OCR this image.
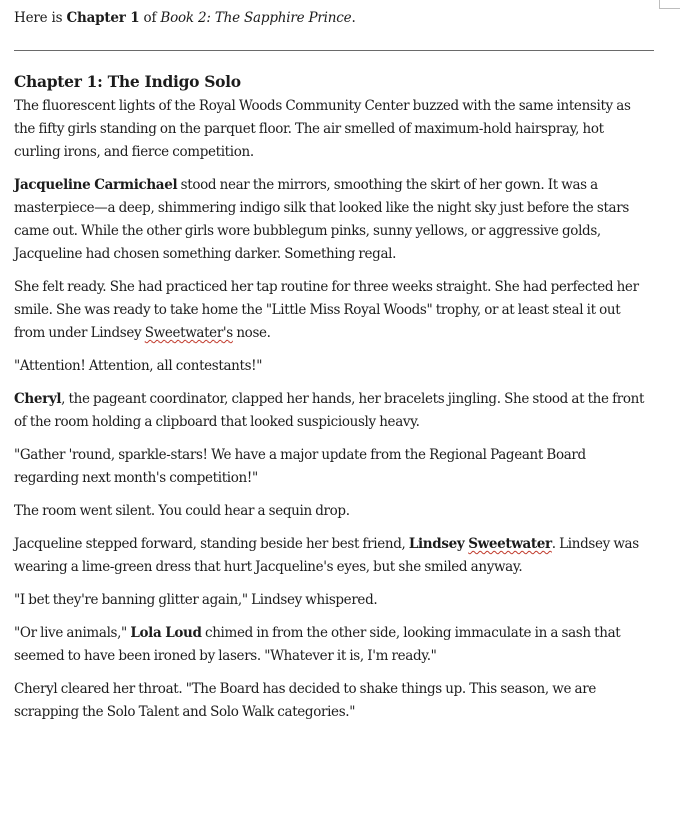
Here is Chapter 1 of Book 2: The Sapphire Prince.

Chapter 1: The Indigo Solo

The fluorescent lights of the Royal Woods Community Center buzzed with the same intensity as the fifty girls standing on the parquet floor. The air smelled of maximum-hold hairspray, hot curling irons, and fierce competition.

Jacqueline Carmichael stood near the mirrors, smoothing the skirt of her gown. It was a masterpiece—a deep, shimmering indigo silk that looked like the night sky just before the stars came out. While the other girls wore bubblegum pinks, sunny yellows, or aggressive golds, Jacqueline had chosen something darker. Something regal.

She felt ready. She had practiced her tap routine for three weeks straight. She had perfected her smile. She was ready to take home the "Little Miss Royal Woods" trophy, or at least steal it out from under Lindsey Sweetwater's nose.

"Attention! Attention, all contestants!"

Cheryl, the pageant coordinator, clapped her hands, her bracelets jingling. She stood at the front of the room holding a clipboard that looked suspiciously heavy.

"Gather 'round, sparkle-stars! We have a major update from the Regional Pageant Board regarding next month's competition!"

The room went silent. You could hear a sequin drop.

Jacqueline stepped forward, standing beside her best friend, Lindsey Sweetwater. Lindsey was wearing a lime-green dress that hurt Jacqueline's eyes, but she smiled anyway.

"I bet they're banning glitter again," Lindsey whispered.

"Or live animals," Lola Loud chimed in from the other side, looking immaculate in a sash that seemed to have been ironed by lasers. "Whatever it is, I'm ready."

Cheryl cleared her throat. "The Board has decided to shake things up. This season, we are scrapping the Solo Talent and Solo Walk categories."
